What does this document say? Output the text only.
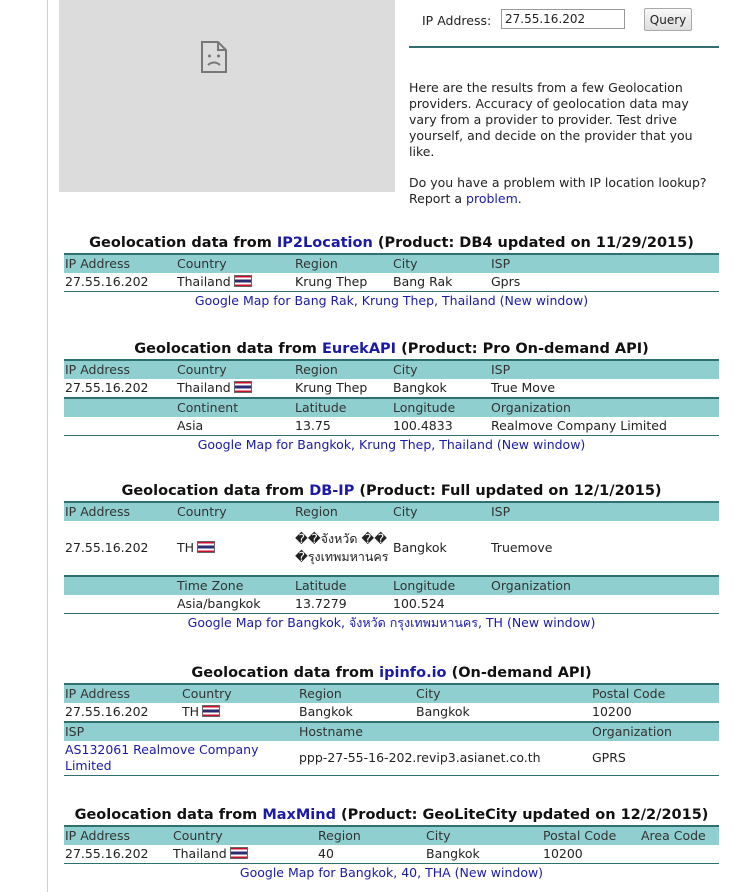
IP Address:
27.55.16.202	Query

Here are the results from a few Geolocation providers. Accuracy of geolocation data may vary from a provider to provider. Test drive yourself, and decide on the provider that you like.

Do you have a problem with IP location lookup? Report a problem.

Geolocation data from IP2Location (Product: DB4 updated on 11/29/2015)
IP Address	Country	Region	City	ISP
27.55.16.202	Thailand	Krung Thep	Bang Rak	Gprs

Google Map for Bang Rak, Krung Thep, Thailand (New window)
Geolocation data from EurekAPI (Product: Pro On-demand API)
IP Address	Country	Region	City	ISP
27.55.16.202	Thailand	Krung Thep	Bangkok	True Move
	Continent	Latitude	Longitude	Organization
	Asia	13.75	100.4833	Realmove Company Limited

Google Map for Bangkok, Krung Thep, Thailand (New window)
Geolocation data from DB-IP (Product: Full updated on 12/1/2015)
IP Address	Country	Region	City	ISP
27.55.16.202	TH	��จังหวัด ���รุงเทพมหานคร	Bangkok	Truemove
	Time Zone	Latitude	Longitude	Organization
	Asia/bangkok	13.7279	100.524	

Google Map for Bangkok, จังหวัด กรุงเทพมหานคร, TH (New window)
Geolocation data from ipinfo.io (On-demand API)
IP Address	Country	Region	City	Postal Code
27.55.16.202	TH	Bangkok	Bangkok	10200
ISP		Hostname		Organization
AS132061 Realmove Company Limited		ppp-27-55-16-202.revip3.asianet.co.th		GPRS

Geolocation data from MaxMind (Product: GeoLiteCity updated on 12/2/2015)
IP Address	Country	Region	City	Postal Code	Area Code
27.55.16.202	Thailand	40	Bangkok	10200	

Google Map for Bangkok, 40, THA (New window)
